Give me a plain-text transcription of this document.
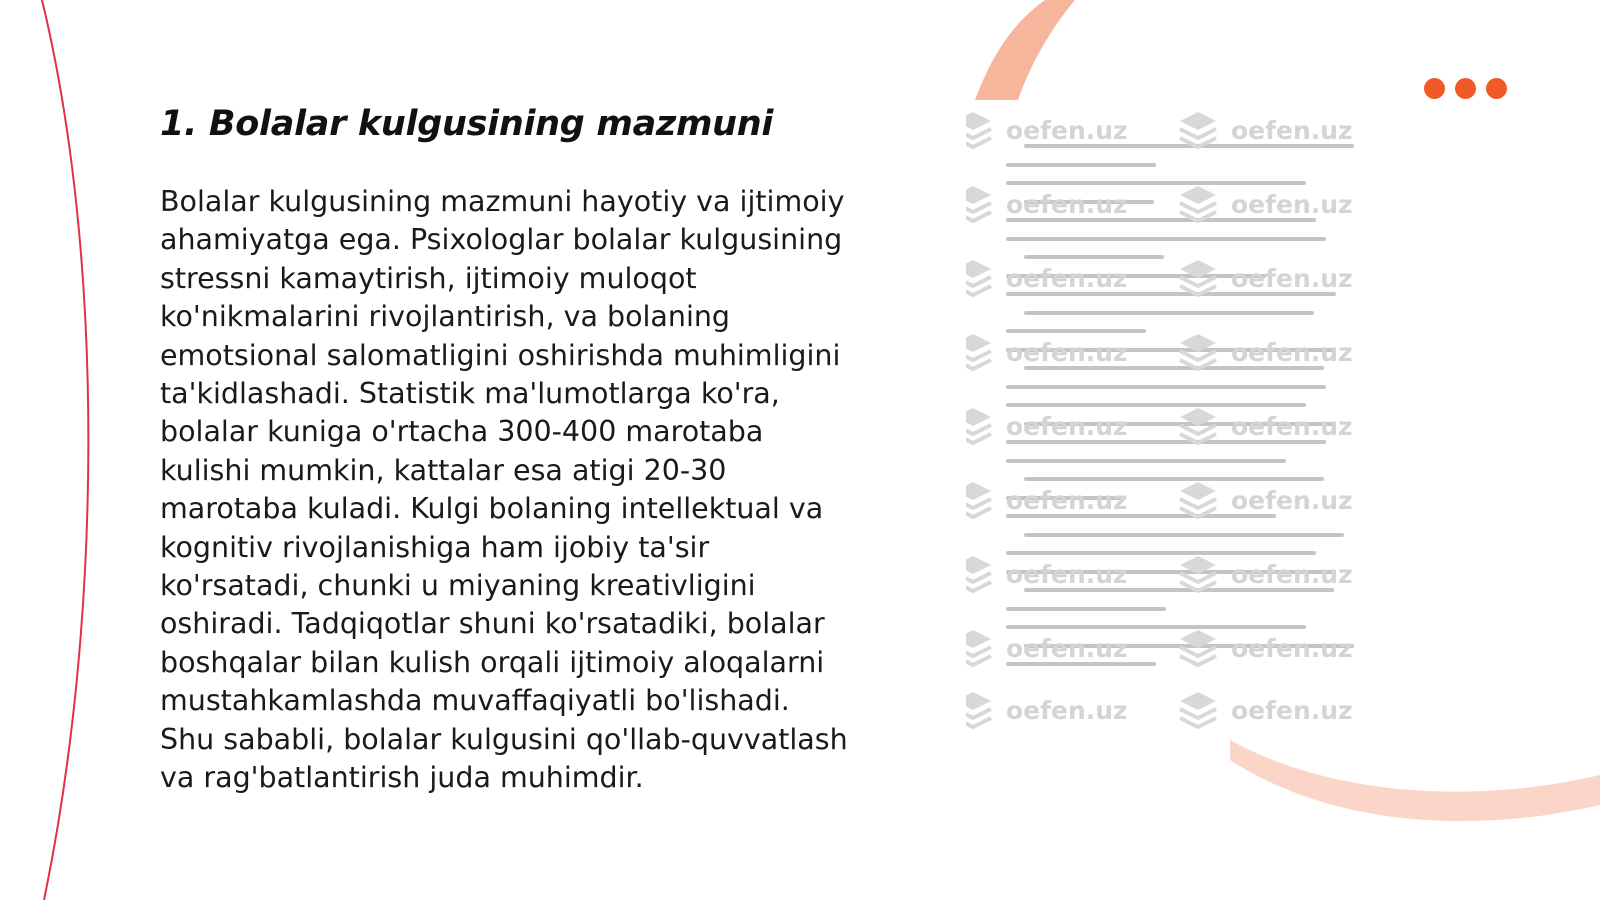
1. Bolalar kulgusining mazmuni

Bolalar kulgusining mazmuni hayotiy va ijtimoiy ahamiyatga ega. Psixologlar bolalar kulgusining stressni kamaytirish, ijtimoiy muloqot ko'nikmalarini rivojlantirish, va bolaning emotsional salomatligini oshirishda muhimligini ta'kidlashadi. Statistik ma'lumotlarga ko'ra, bolalar kuniga o'rtacha 300-400 marotaba kulishi mumkin, kattalar esa atigi 20-30 marotaba kuladi. Kulgi bolaning intellektual va kognitiv rivojlanishiga ham ijobiy ta'sir ko'rsatadi, chunki u miyaning kreativligini oshiradi. Tadqiqotlar shuni ko'rsatadiki, bolalar boshqalar bilan kulish orqali ijtimoiy aloqalarni mustahkamlashda muvaffaqiyatli bo'lishadi. Shu sababli, bolalar kulgusini qo'llab-quvvatlash va rag'batlantirish juda muhimdir.

oefen.uz	oefen.uz
oefen.uz	oefen.uz
oefen.uz	oefen.uz
oefen.uz	oefen.uz
oefen.uz	oefen.uz
oefen.uz	oefen.uz
oefen.uz	oefen.uz
oefen.uz	oefen.uz
oefen.uz	oefen.uz
